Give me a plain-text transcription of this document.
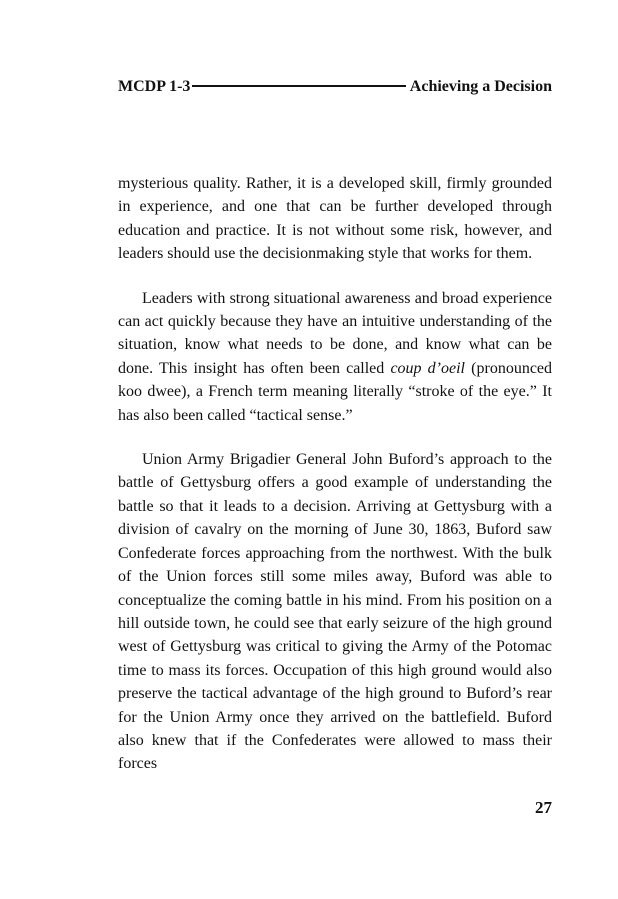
MCDP 1-3	Achieving a Decision

mysterious quality. Rather, it is a developed skill, firmly grounded in experience, and one that can be further developed through education and practice. It is not without some risk, however, and leaders should use the decisionmaking style that works for them.

Leaders with strong situational awareness and broad experience can act quickly because they have an intuitive understanding of the situation, know what needs to be done, and know what can be done. This insight has often been called coup d’oeil (pronounced koo dwee), a French term meaning literally “stroke of the eye.” It has also been called “tactical sense.”

Union Army Brigadier General John Buford’s approach to the battle of Gettysburg offers a good example of understanding the battle so that it leads to a decision. Arriving at Gettysburg with a division of cavalry on the morning of June 30, 1863, Buford saw Confederate forces approaching from the northwest. With the bulk of the Union forces still some miles away, Buford was able to conceptualize the coming battle in his mind. From his position on a hill outside town, he could see that early seizure of the high ground west of Gettysburg was critical to giving the Army of the Potomac time to mass its forces. Occupation of this high ground would also preserve the tactical advantage of the high ground to Buford’s rear for the Union Army once they arrived on the battlefield. Buford also knew that if the Confederates were allowed to mass their forces

27
